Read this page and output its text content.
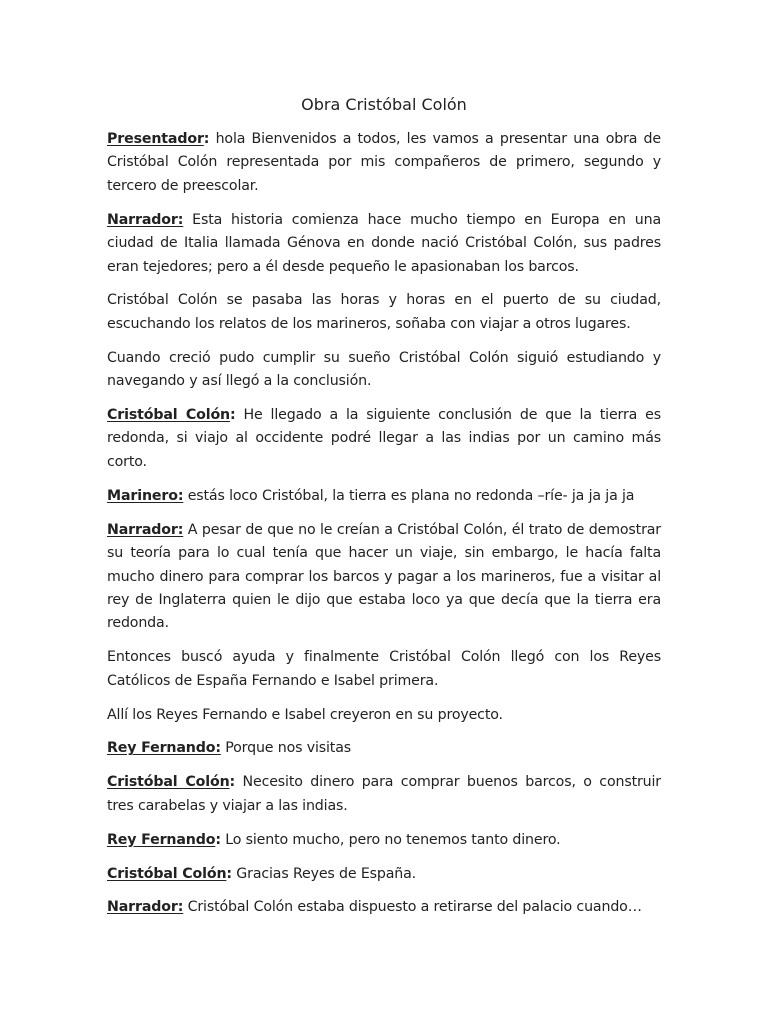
Obra Cristóbal Colón

Presentador: hola Bienvenidos a todos, les vamos a presentar una obra de Cristóbal Colón representada por mis compañeros de primero, segundo y tercero de preescolar.

Narrador: Esta historia comienza hace mucho tiempo en Europa en una ciudad de Italia llamada Génova en donde nació Cristóbal Colón, sus padres eran tejedores; pero a él desde pequeño le apasionaban los barcos.

Cristóbal Colón se pasaba las horas y horas en el puerto de su ciudad, escuchando los relatos de los marineros, soñaba con viajar a otros lugares.

Cuando creció pudo cumplir su sueño Cristóbal Colón siguió estudiando y navegando y así llegó a la conclusión.

Cristóbal Colón: He llegado a la siguiente conclusión de que la tierra es redonda, si viajo al occidente podré llegar a las indias por un camino más corto.

Marinero: estás loco Cristóbal, la tierra es plana no redonda –ríe- ja ja ja ja

Narrador: A pesar de que no le creían a Cristóbal Colón, él trato de demostrar su teoría para lo cual tenía que hacer un viaje, sin embargo, le hacía falta mucho dinero para comprar los barcos y pagar a los marineros, fue a visitar al rey de Inglaterra quien le dijo que estaba loco ya que decía que la tierra era redonda.

Entonces buscó ayuda y finalmente Cristóbal Colón llegó con los Reyes Católicos de España Fernando e Isabel primera.

Allí los Reyes Fernando e Isabel creyeron en su proyecto.

Rey Fernando: Porque nos visitas

Cristóbal Colón: Necesito dinero para comprar buenos barcos, o construir tres carabelas y viajar a las indias.

Rey Fernando: Lo siento mucho, pero no tenemos tanto dinero.

Cristóbal Colón: Gracias Reyes de España.

Narrador: Cristóbal Colón estaba dispuesto a retirarse del palacio cuando…
